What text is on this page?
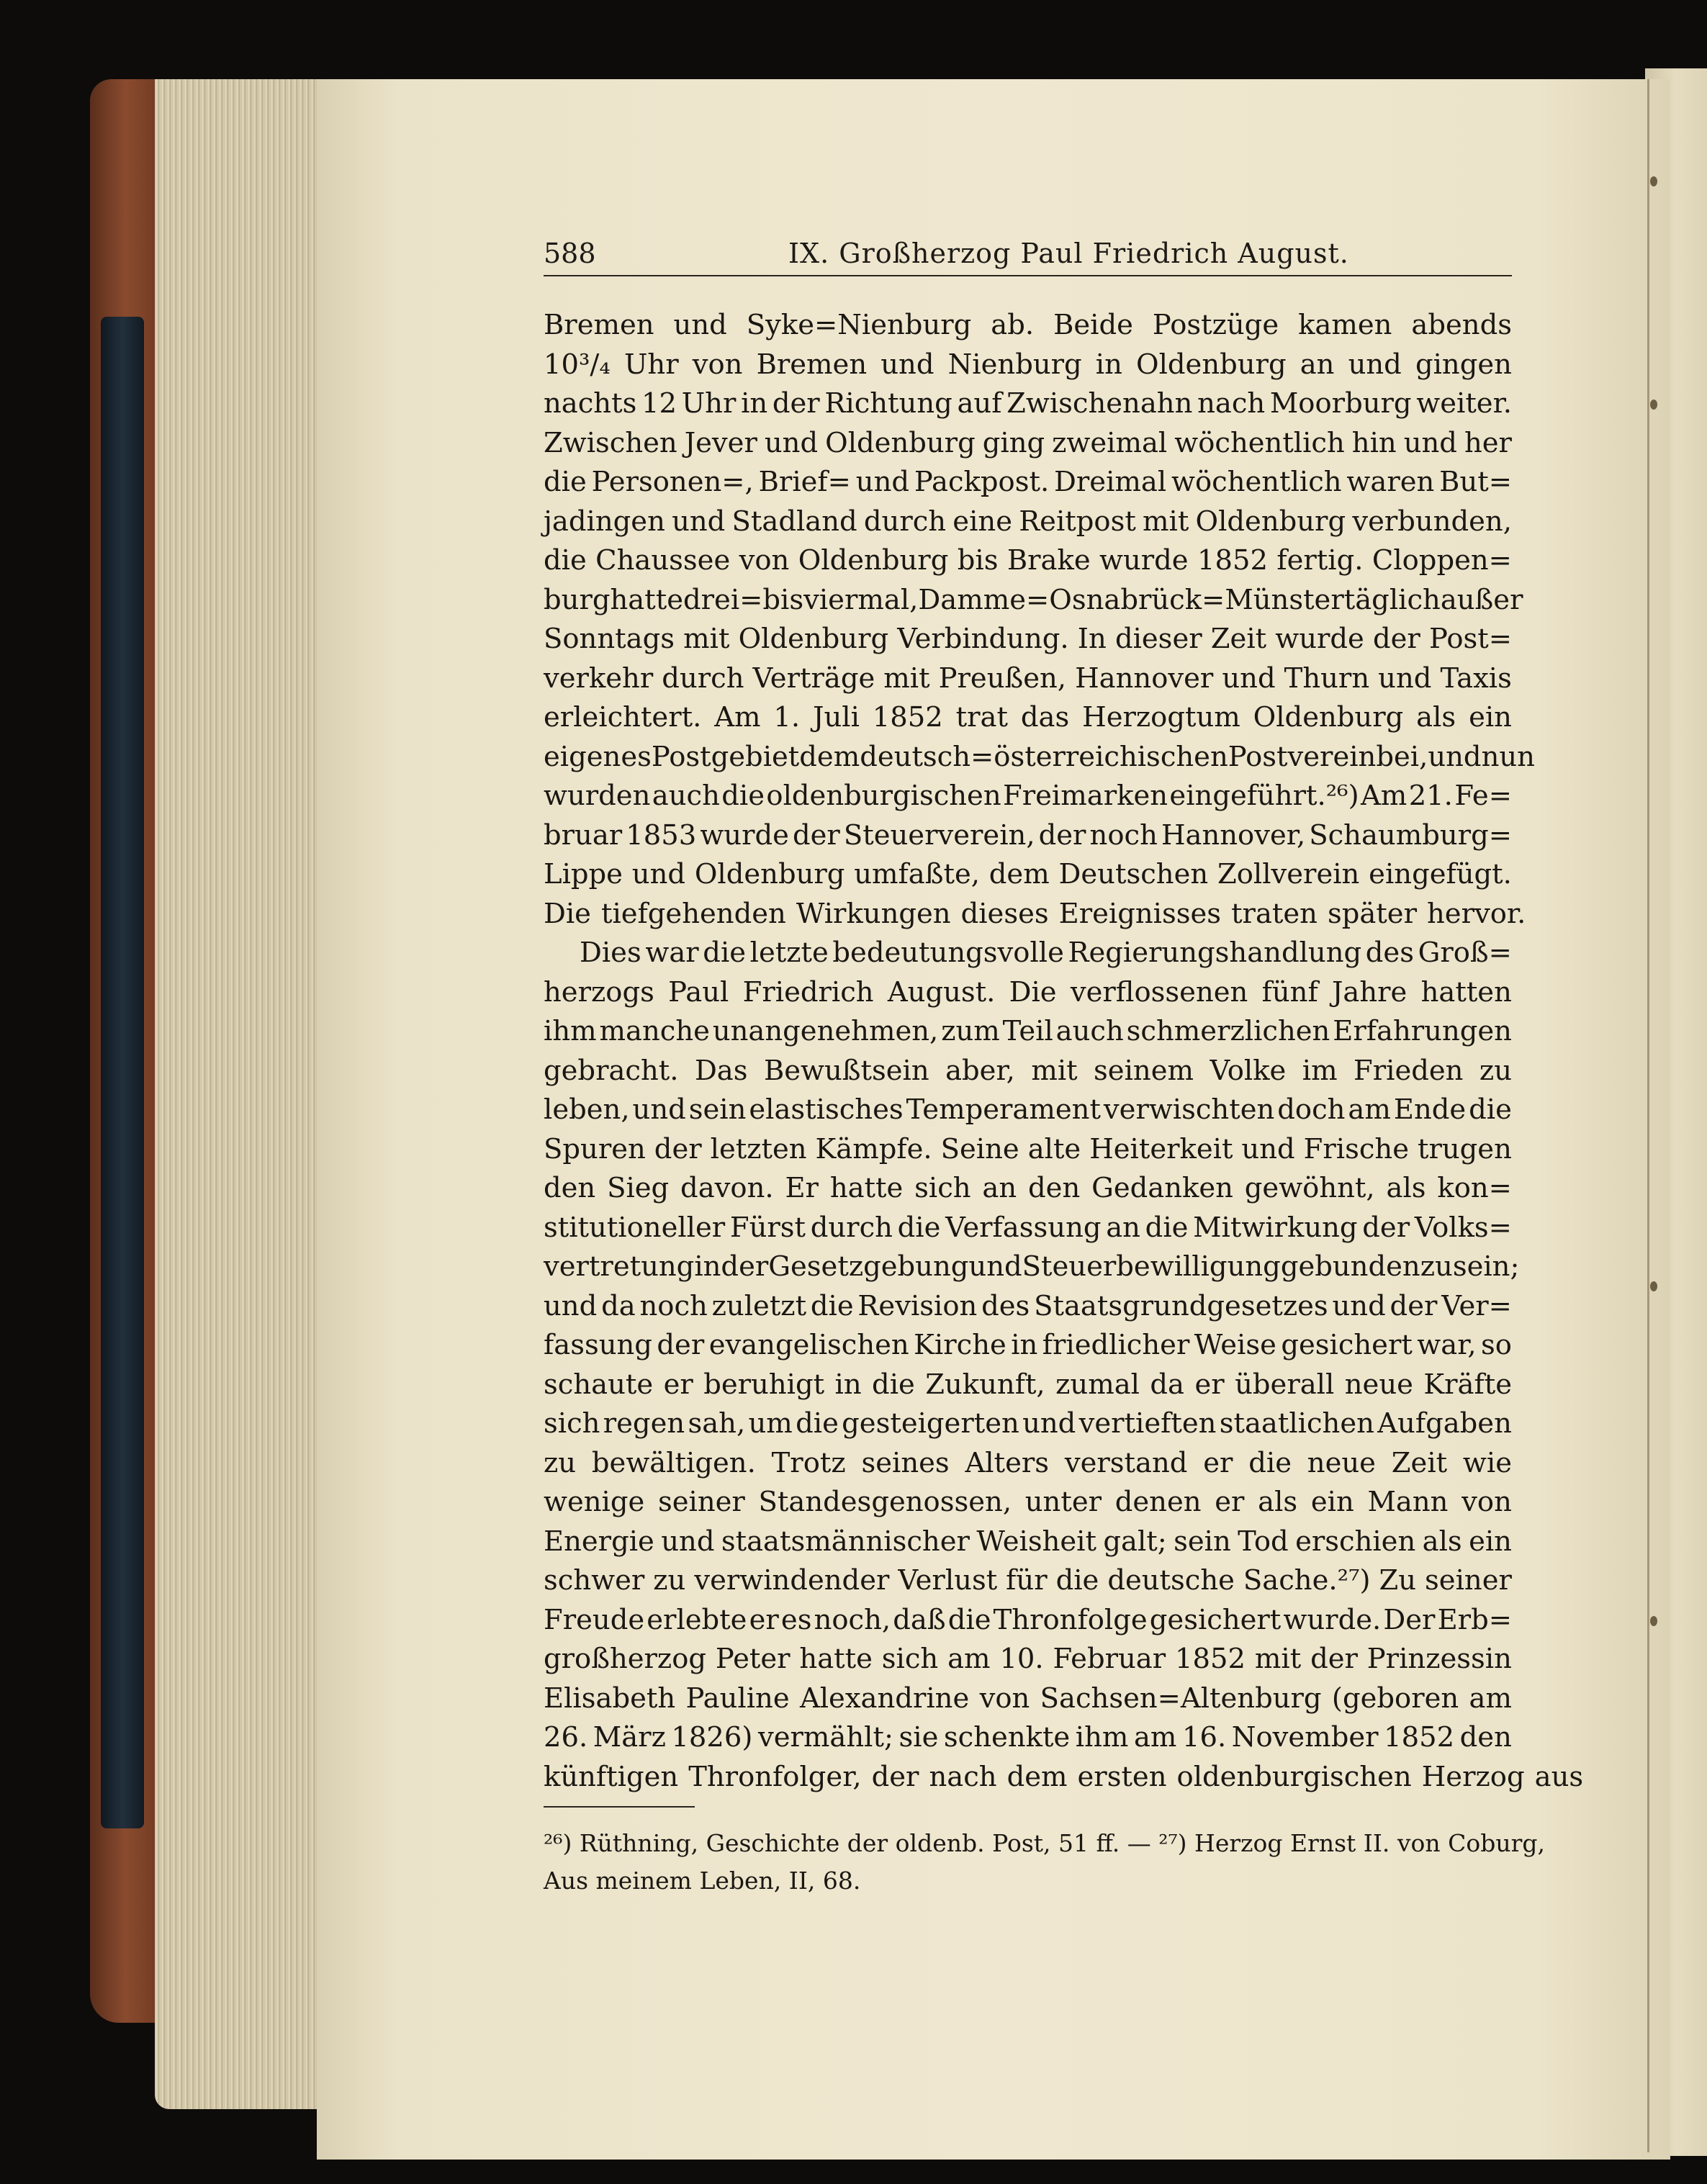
588	IX. Großherzog Paul Friedrich August.
Bremen und Syke=Nienburg ab. Beide Postzüge kamen abends
10³/₄ Uhr von Bremen und Nienburg in Oldenburg an und gingen
nachts 12 Uhr in der Richtung auf Zwischenahn nach Moorburg weiter.
Zwischen Jever und Oldenburg ging zweimal wöchentlich hin und her
die Personen=, Brief= und Packpost. Dreimal wöchentlich waren But=
jadingen und Stadland durch eine Reitpost mit Oldenburg verbunden,
die Chaussee von Oldenburg bis Brake wurde 1852 fertig. Cloppen=
burg hatte drei= bis viermal, Damme=Osnabrück=Münster täglich außer
Sonntags mit Oldenburg Verbindung. In dieser Zeit wurde der Post=
verkehr durch Verträge mit Preußen, Hannover und Thurn und Taxis
erleichtert. Am 1. Juli 1852 trat das Herzogtum Oldenburg als ein
eigenes Postgebiet dem deutsch=österreichischen Postverein bei, und nun
wurden auch die oldenburgischen Freimarken eingeführt.²⁶) Am 21. Fe=
bruar 1853 wurde der Steuerverein, der noch Hannover, Schaumburg=
Lippe und Oldenburg umfaßte, dem Deutschen Zollverein eingefügt.
Die tiefgehenden Wirkungen dieses Ereignisses traten später hervor.
Dies war die letzte bedeutungsvolle Regierungshandlung des Groß=
herzogs Paul Friedrich August. Die verflossenen fünf Jahre hatten
ihm manche unangenehmen, zum Teil auch schmerzlichen Erfahrungen
gebracht. Das Bewußtsein aber, mit seinem Volke im Frieden zu
leben, und sein elastisches Temperament verwischten doch am Ende die
Spuren der letzten Kämpfe. Seine alte Heiterkeit und Frische trugen
den Sieg davon. Er hatte sich an den Gedanken gewöhnt, als kon=
stitutioneller Fürst durch die Verfassung an die Mitwirkung der Volks=
vertretung in der Gesetzgebung und Steuerbewilligung gebunden zu sein;
und da noch zuletzt die Revision des Staatsgrundgesetzes und der Ver=
fassung der evangelischen Kirche in friedlicher Weise gesichert war, so
schaute er beruhigt in die Zukunft, zumal da er überall neue Kräfte
sich regen sah, um die gesteigerten und vertieften staatlichen Aufgaben
zu bewältigen. Trotz seines Alters verstand er die neue Zeit wie
wenige seiner Standesgenossen, unter denen er als ein Mann von
Energie und staatsmännischer Weisheit galt; sein Tod erschien als ein
schwer zu verwindender Verlust für die deutsche Sache.²⁷) Zu seiner
Freude erlebte er es noch, daß die Thronfolge gesichert wurde. Der Erb=
großherzog Peter hatte sich am 10. Februar 1852 mit der Prinzessin
Elisabeth Pauline Alexandrine von Sachsen=Altenburg (geboren am
26. März 1826) vermählt; sie schenkte ihm am 16. November 1852 den
künftigen Thronfolger, der nach dem ersten oldenburgischen Herzog aus
²⁶) Rüthning, Geschichte der oldenb. Post, 51 ff. — ²⁷) Herzog Ernst II. von Coburg,
Aus meinem Leben, II, 68.
